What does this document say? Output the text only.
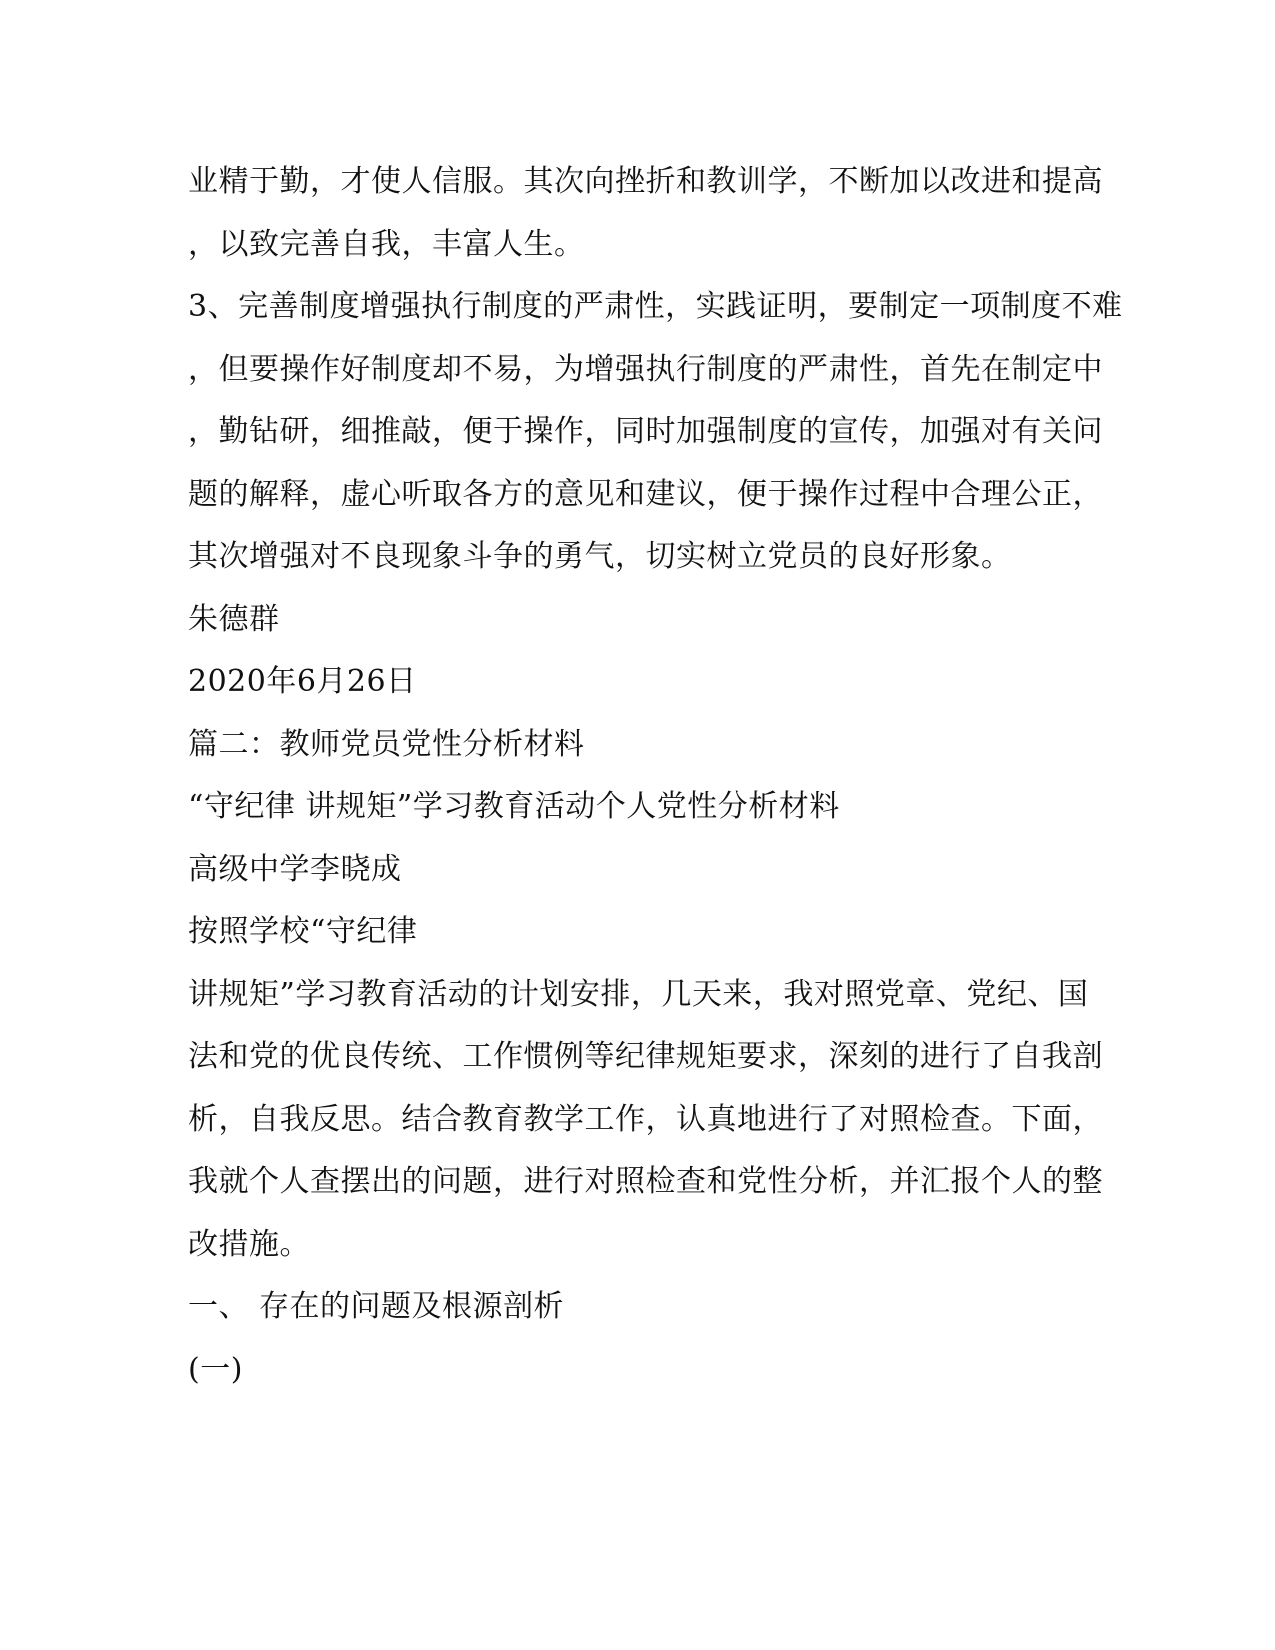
业精于勤，才使人信服。其次向挫折和教训学，不断加以改进和提高
，以致完善自我，丰富人生。
3、完善制度增强执行制度的严肃性，实践证明，要制定一项制度不难
，但要操作好制度却不易，为增强执行制度的严肃性，首先在制定中
，勤钻研，细推敲，便于操作，同时加强制度的宣传，加强对有关问
题的解释，虚心听取各方的意见和建议，便于操作过程中合理公正，
其次增强对不良现象斗争的勇气，切实树立党员的良好形象。
朱德群
2020年6月26日
篇二：教师党员党性分析材料
“守纪律 讲规矩”学习教育活动个人党性分析材料
高级中学李晓成
按照学校“守纪律
讲规矩”学习教育活动的计划安排，几天来，我对照党章、党纪、国
法和党的优良传统、工作惯例等纪律规矩要求，深刻的进行了自我剖
析，自我反思。结合教育教学工作，认真地进行了对照检查。下面，
我就个人查摆出的问题，进行对照检查和党性分析，并汇报个人的整
改措施。
一、 存在的问题及根源剖析
(一)
